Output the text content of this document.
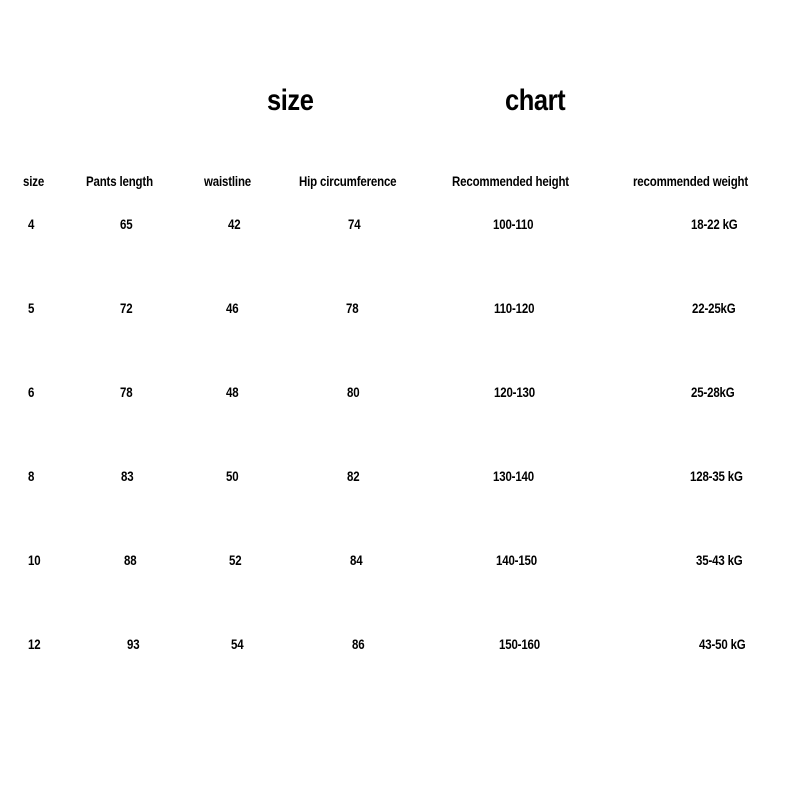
size	chart
size	Pants length	waistline	Hip circumference	Recommended height	recommended weight
4	65	42	74	100-110	18-22 kG
5	72	46	78	110-120	22-25kG
6	78	48	80	120-130	25-28kG
8	83	50	82	130-140	128-35 kG
10	88	52	84	140-150	35-43 kG
12	93	54	86	150-160	43-50 kG
